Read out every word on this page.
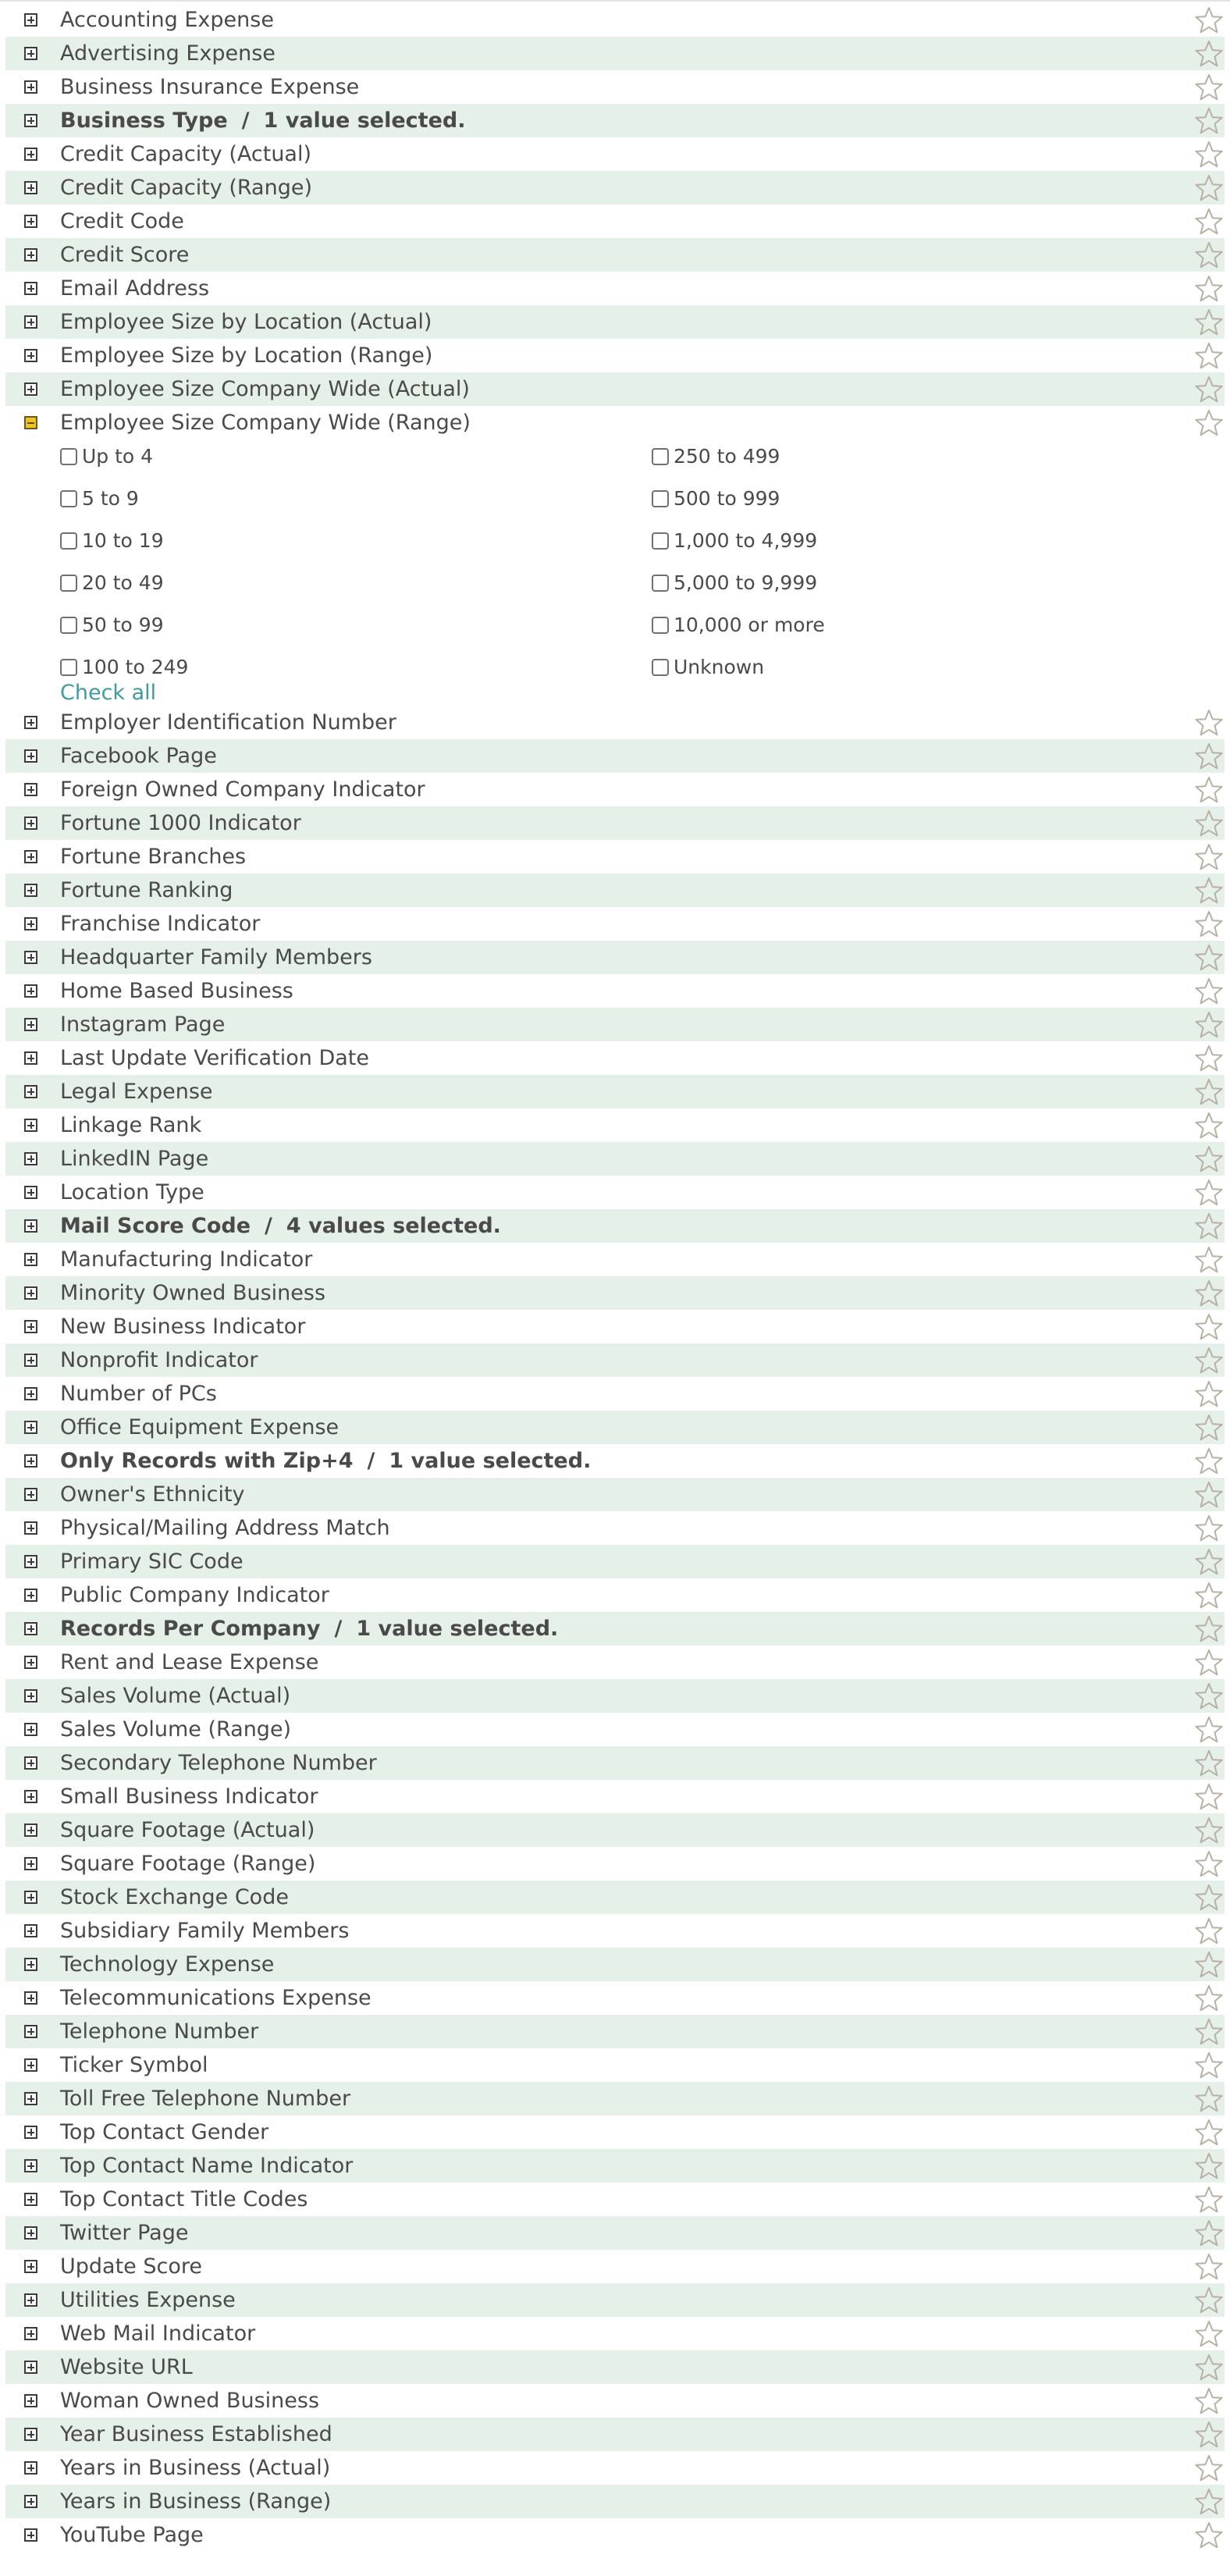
Accounting Expense
Advertising Expense
Business Insurance Expense
Business Type / 1 value selected.
Credit Capacity (Actual)
Credit Capacity (Range)
Credit Code
Credit Score
Email Address
Employee Size by Location (Actual)
Employee Size by Location (Range)
Employee Size Company Wide (Actual)
Employee Size Company Wide (Range)
Up to 4
5 to 9
10 to 19
20 to 49
50 to 99
100 to 249
250 to 499
500 to 999
1,000 to 4,999
5,000 to 9,999
10,000 or more
Unknown
Check all
Employer Identification Number
Facebook Page
Foreign Owned Company Indicator
Fortune 1000 Indicator
Fortune Branches
Fortune Ranking
Franchise Indicator
Headquarter Family Members
Home Based Business
Instagram Page
Last Update Verification Date
Legal Expense
Linkage Rank
LinkedIN Page
Location Type
Mail Score Code / 4 values selected.
Manufacturing Indicator
Minority Owned Business
New Business Indicator
Nonprofit Indicator
Number of PCs
Office Equipment Expense
Only Records with Zip+4 / 1 value selected.
Owner's Ethnicity
Physical/Mailing Address Match
Primary SIC Code
Public Company Indicator
Records Per Company / 1 value selected.
Rent and Lease Expense
Sales Volume (Actual)
Sales Volume (Range)
Secondary Telephone Number
Small Business Indicator
Square Footage (Actual)
Square Footage (Range)
Stock Exchange Code
Subsidiary Family Members
Technology Expense
Telecommunications Expense
Telephone Number
Ticker Symbol
Toll Free Telephone Number
Top Contact Gender
Top Contact Name Indicator
Top Contact Title Codes
Twitter Page
Update Score
Utilities Expense
Web Mail Indicator
Website URL
Woman Owned Business
Year Business Established
Years in Business (Actual)
Years in Business (Range)
YouTube Page
